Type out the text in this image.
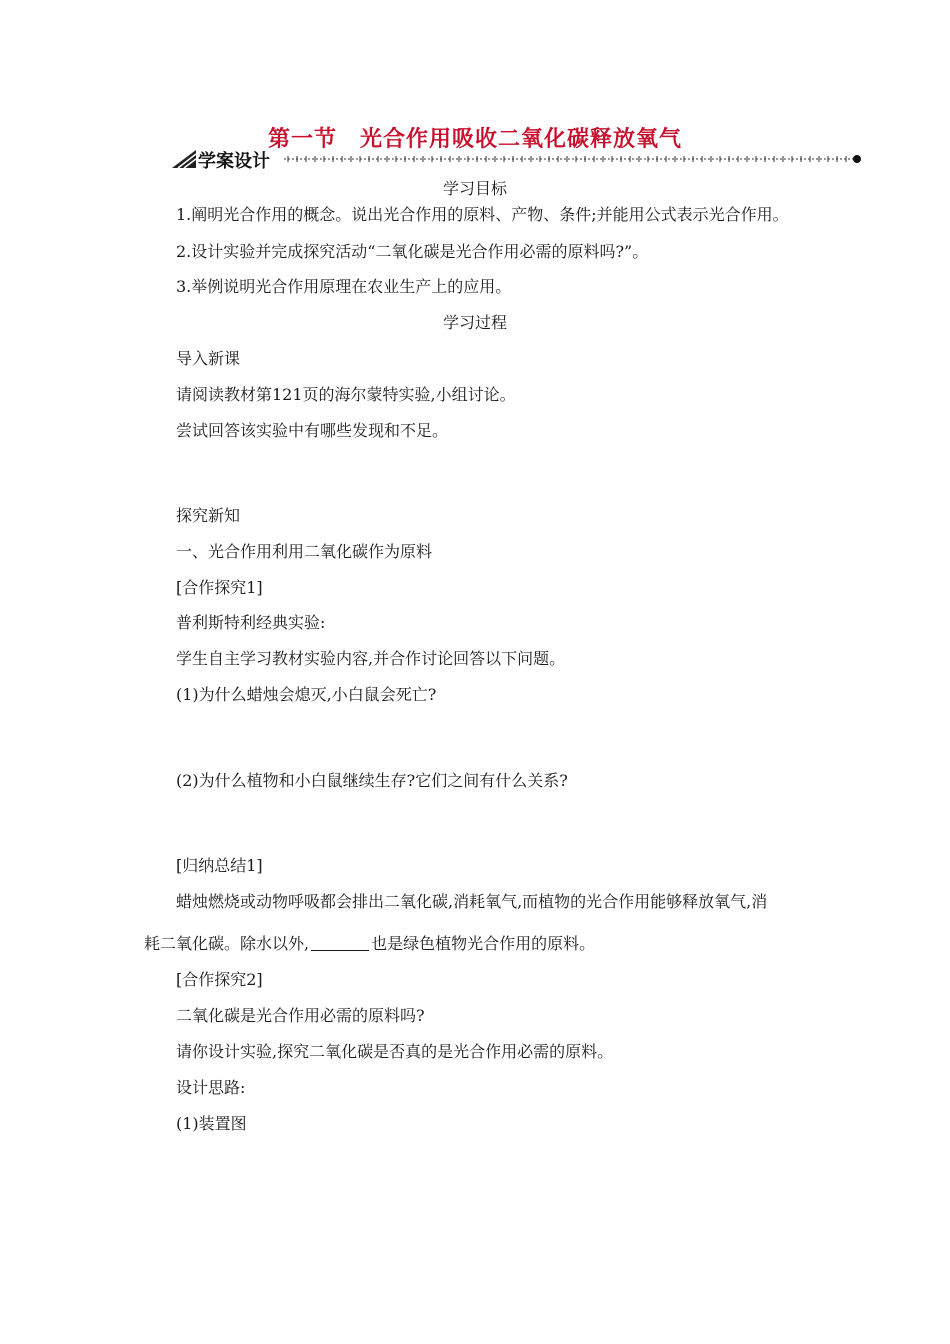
第一节　光合作用吸收二氧化碳释放氧气
学案设计
学习目标
1.阐明光合作用的概念。说出光合作用的原料、产物、条件;并能用公式表示光合作用。
2.设计实验并完成探究活动“二氧化碳是光合作用必需的原料吗?”。
3.举例说明光合作用原理在农业生产上的应用。
学习过程
导入新课
请阅读教材第121页的海尔蒙特实验,小组讨论。
尝试回答该实验中有哪些发现和不足。
探究新知
一、光合作用利用二氧化碳作为原料
[合作探究1]
普利斯特利经典实验:
学生自主学习教材实验内容,并合作讨论回答以下问题。
(1)为什么蜡烛会熄灭,小白鼠会死亡?
(2)为什么植物和小白鼠继续生存?它们之间有什么关系?
[归纳总结1]
蜡烛燃烧或动物呼吸都会排出二氧化碳,消耗氧气,而植物的光合作用能够释放氧气,消
耗二氧化碳。除水以外,	也是绿色植物光合作用的原料。
[合作探究2]
二氧化碳是光合作用必需的原料吗?
请你设计实验,探究二氧化碳是否真的是光合作用必需的原料。
设计思路:
(1)装置图
